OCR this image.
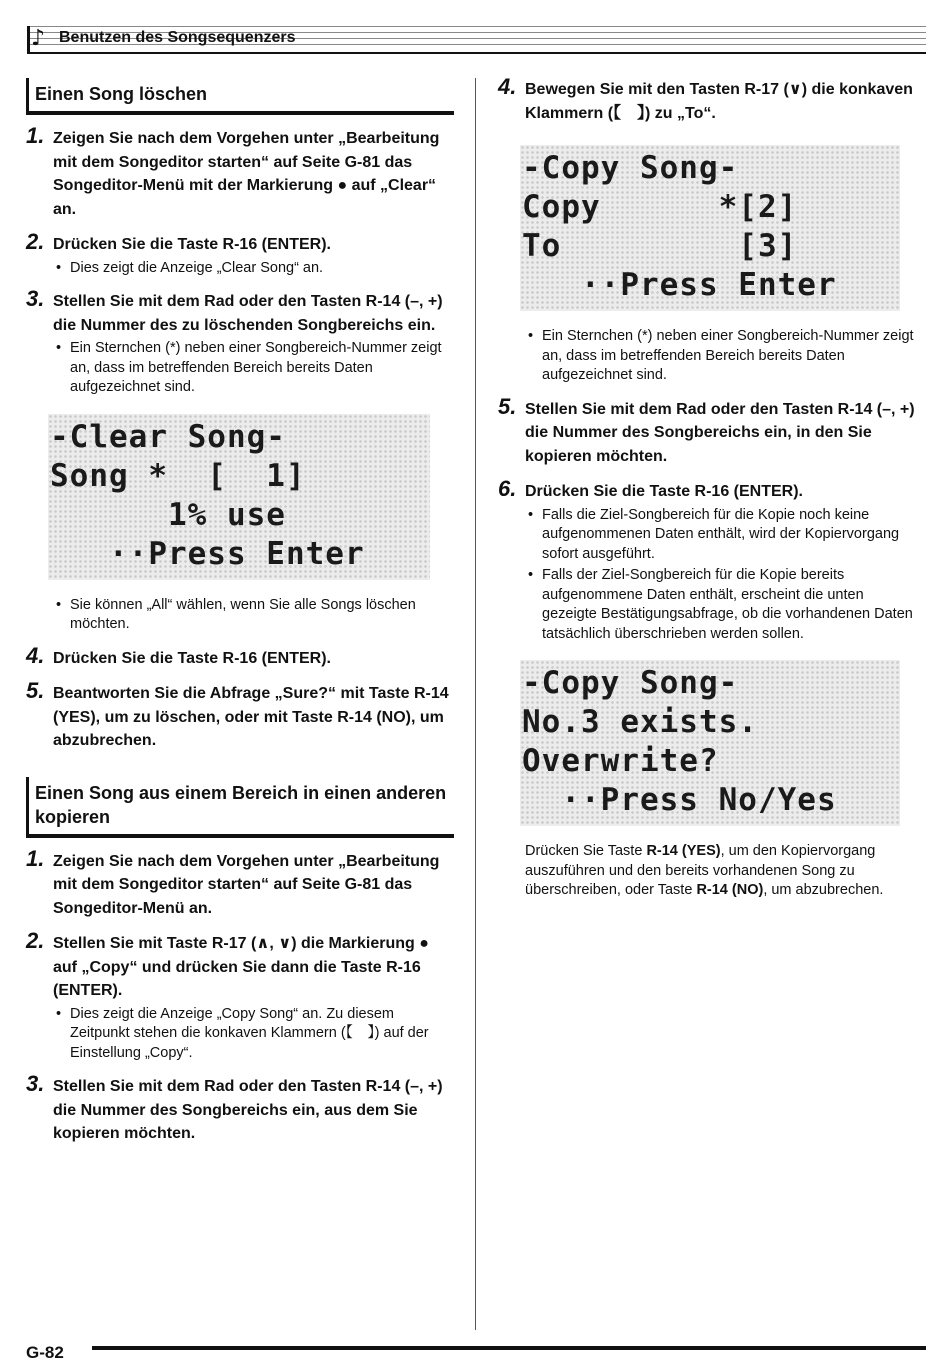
♪ Benutzen des Songsequenzers
Einen Song löschen
1. Zeigen Sie nach dem Vorgehen unter „Bearbeitung mit dem Songeditor starten“ auf Seite G-81 das Songeditor-Menü mit der Markierung ● auf „Clear“ an.
2. Drücken Sie die Taste R-16 (ENTER).
• Dies zeigt die Anzeige „Clear Song“ an.
3. Stellen Sie mit dem Rad oder den Tasten R-14 (–, +) die Nummer des zu löschenden Songbereichs ein.
• Ein Sternchen (*) neben einer Songbereich-Nummer zeigt an, dass im betreffenden Bereich bereits Daten aufgezeichnet sind.
-Clear Song-
Song *  [  1]
1% use
··Press Enter
• Sie können „All“ wählen, wenn Sie alle Songs löschen möchten.
4. Drücken Sie die Taste R-16 (ENTER).
5. Beantworten Sie die Abfrage „Sure?“ mit Taste R-14 (YES), um zu löschen, oder mit Taste R-14 (NO), um abzubrechen.
Einen Song aus einem Bereich in einen anderen kopieren
1. Zeigen Sie nach dem Vorgehen unter „Bearbeitung mit dem Songeditor starten“ auf Seite G-81 das Songeditor-Menü an.
2. Stellen Sie mit Taste R-17 (∧, ∨) die Markierung ● auf „Copy“ und drücken Sie dann die Taste R-16 (ENTER).
• Dies zeigt die Anzeige „Copy Song“ an. Zu diesem Zeitpunkt stehen die konkaven Klammern (【　】) auf der Einstellung „Copy“.
3. Stellen Sie mit dem Rad oder den Tasten R-14 (–, +) die Nummer des Songbereichs ein, aus dem Sie kopieren möchten.
4. Bewegen Sie mit den Tasten R-17 (∨) die konkaven Klammern (【　】) zu „To“.
-Copy Song-
Copy      *[2]
To         [3]
··Press Enter
• Ein Sternchen (*) neben einer Songbereich-Nummer zeigt an, dass im betreffenden Bereich bereits Daten aufgezeichnet sind.
5. Stellen Sie mit dem Rad oder den Tasten R-14 (–, +) die Nummer des Songbereichs ein, in den Sie kopieren möchten.
6. Drücken Sie die Taste R-16 (ENTER).
• Falls die Ziel-Songbereich für die Kopie noch keine aufgenommenen Daten enthält, wird der Kopiervorgang sofort ausgeführt.
• Falls der Ziel-Songbereich für die Kopie bereits aufgenommene Daten enthält, erscheint die unten gezeigte Bestätigungsabfrage, ob die vorhandenen Daten tatsächlich überschrieben werden sollen.
-Copy Song-
No.3 exists.
Overwrite?
··Press No/Yes
Drücken Sie Taste R-14 (YES), um den Kopiervorgang auszuführen und den bereits vorhandenen Song zu überschreiben, oder Taste R-14 (NO), um abzubrechen.
G-82
